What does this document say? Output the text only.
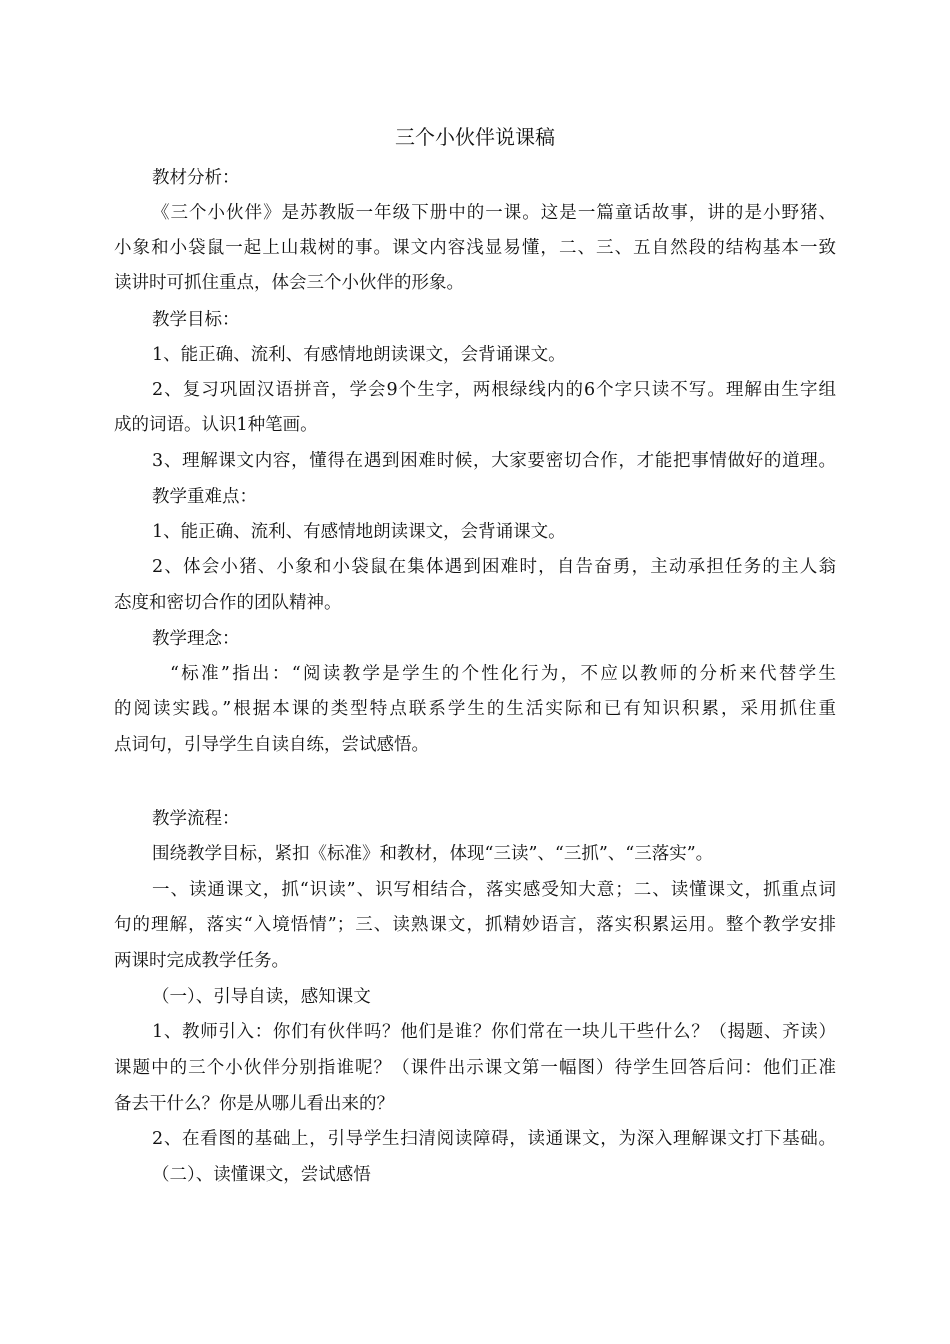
三个小伙伴说课稿
教材分析：
《三个小伙伴》是苏教版一年级下册中的一课。这是一篇童话故事，讲的是小野猪、
小象和小袋鼠一起上山栽树的事。课文内容浅显易懂，二、三、五自然段的结构基本一致
读讲时可抓住重点，体会三个小伙伴的形象。
教学目标：
1、能正确、流利、有感情地朗读课文，会背诵课文。
2、复习巩固汉语拼音，学会9个生字，两根绿线内的6个字只读不写。理解由生字组
成的词语。认识1种笔画。
3、理解课文内容，懂得在遇到困难时候，大家要密切合作，才能把事情做好的道理。
教学重难点：
1、能正确、流利、有感情地朗读课文，会背诵课文。
2、体会小猪、小象和小袋鼠在集体遇到困难时，自告奋勇，主动承担任务的主人翁
态度和密切合作的团队精神。
教学理念：
“标准”指出：“阅读教学是学生的个性化行为，不应以教师的分析来代替学生
的阅读实践。”根据本课的类型特点联系学生的生活实际和已有知识积累，采用抓住重
点词句，引导学生自读自练，尝试感悟。
教学流程：
围绕教学目标，紧扣《标准》和教材，体现“三读”、“三抓”、“三落实”。
一、读通课文，抓“识读”、识写相结合，落实感受知大意；二、读懂课文，抓重点词
句的理解，落实“入境悟情”；三、读熟课文，抓精妙语言，落实积累运用。整个教学安排
两课时完成教学任务。
（一）、引导自读，感知课文
1、教师引入：你们有伙伴吗？他们是谁？你们常在一块儿干些什么？（揭题、齐读）
课题中的三个小伙伴分别指谁呢？（课件出示课文第一幅图）待学生回答后问：他们正准
备去干什么？你是从哪儿看出来的？
2、在看图的基础上，引导学生扫清阅读障碍，读通课文，为深入理解课文打下基础。
（二）、读懂课文，尝试感悟
